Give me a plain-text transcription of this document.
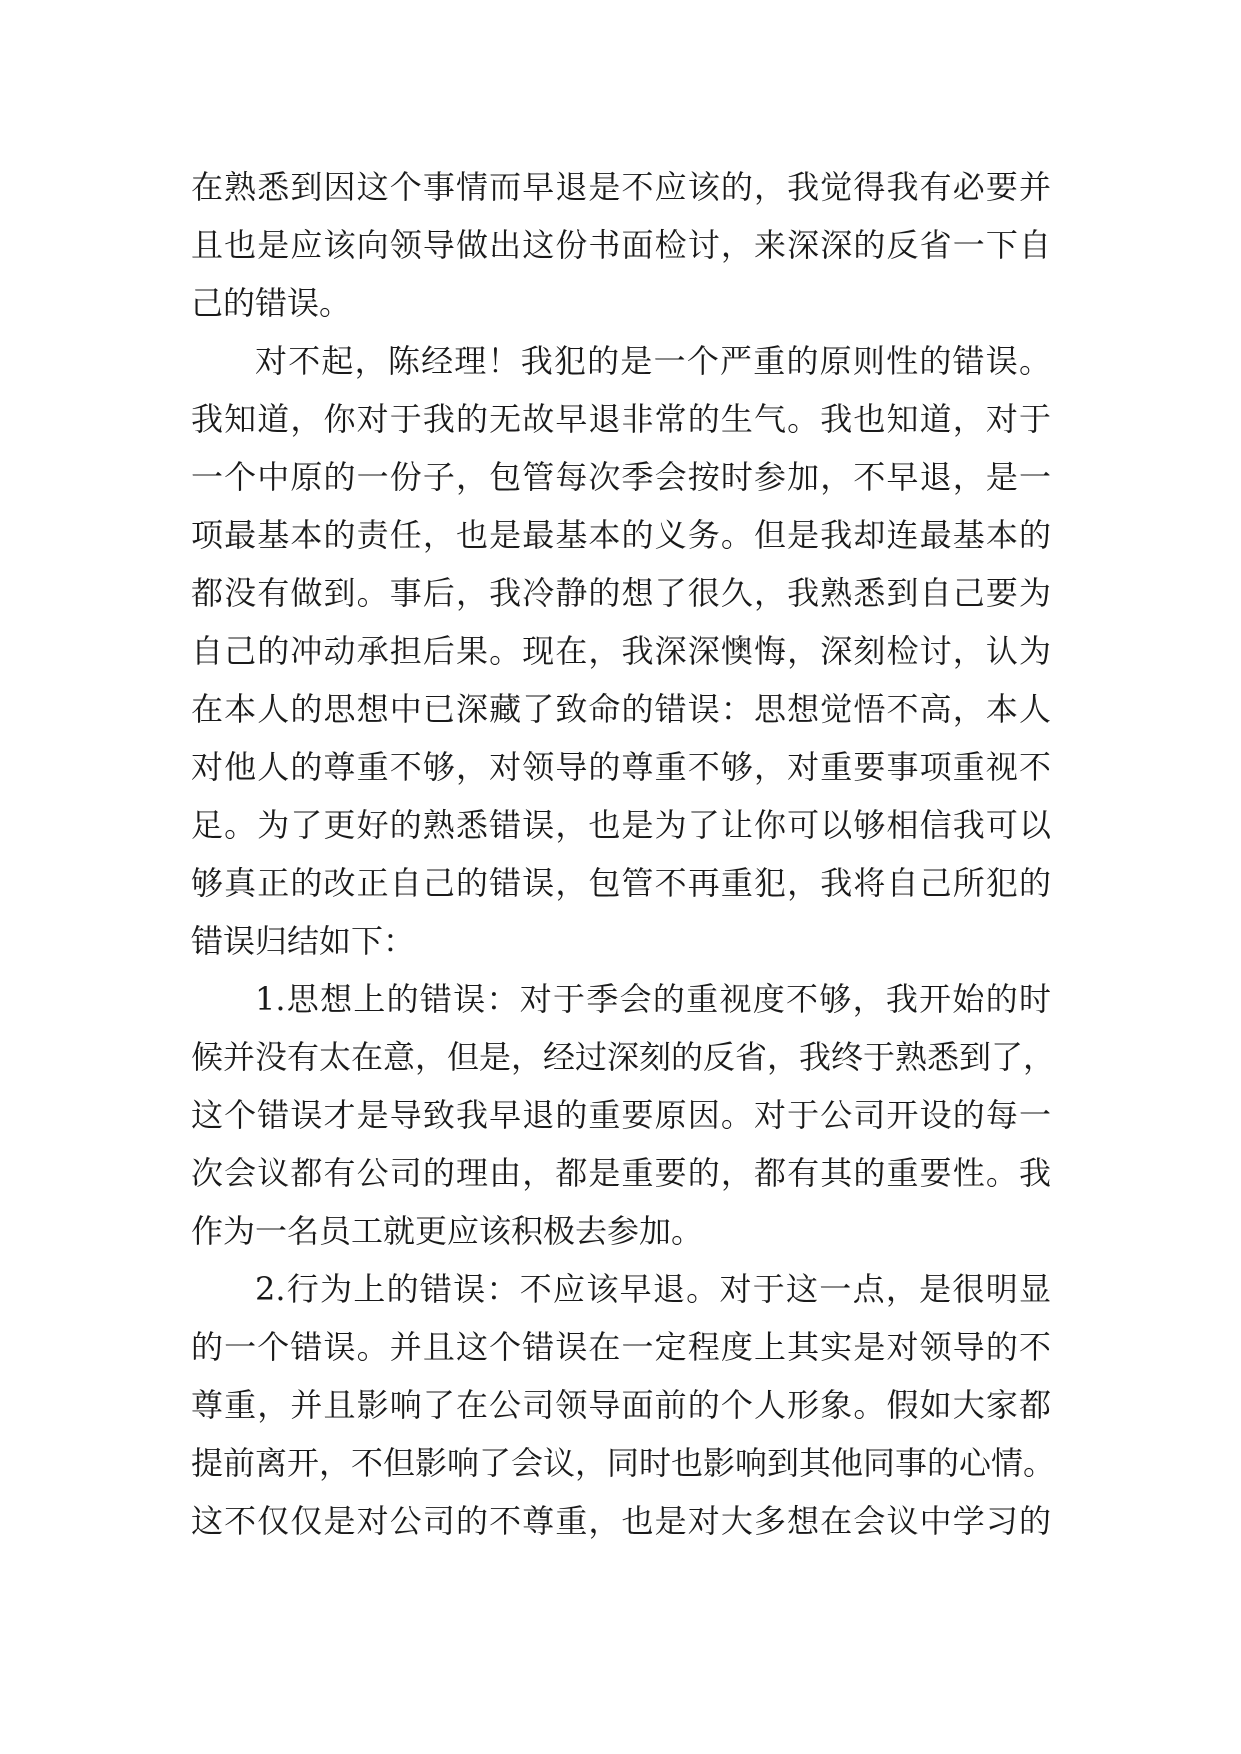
在熟悉到因这个事情而早退是不应该的，我觉得我有必要并
且也是应该向领导做出这份书面检讨，来深深的反省一下自
己的错误。
对不起，陈经理！我犯的是一个严重的原则性的错误。
我知道，你对于我的无故早退非常的生气。我也知道，对于
一个中原的一份子，包管每次季会按时参加，不早退，是一
项最基本的责任，也是最基本的义务。但是我却连最基本的
都没有做到。事后，我冷静的想了很久，我熟悉到自己要为
自己的冲动承担后果。现在，我深深懊悔，深刻检讨，认为
在本人的思想中已深藏了致命的错误：思想觉悟不高，本人
对他人的尊重不够，对领导的尊重不够，对重要事项重视不
足。为了更好的熟悉错误，也是为了让你可以够相信我可以
够真正的改正自己的错误，包管不再重犯，我将自己所犯的
错误归结如下：
1.思想上的错误：对于季会的重视度不够，我开始的时
候并没有太在意，但是，经过深刻的反省，我终于熟悉到了，
这个错误才是导致我早退的重要原因。对于公司开设的每一
次会议都有公司的理由，都是重要的，都有其的重要性。我
作为一名员工就更应该积极去参加。
2.行为上的错误：不应该早退。对于这一点，是很明显
的一个错误。并且这个错误在一定程度上其实是对领导的不
尊重，并且影响了在公司领导面前的个人形象。假如大家都
提前离开，不但影响了会议，同时也影响到其他同事的心情。
这不仅仅是对公司的不尊重，也是对大多想在会议中学习的
